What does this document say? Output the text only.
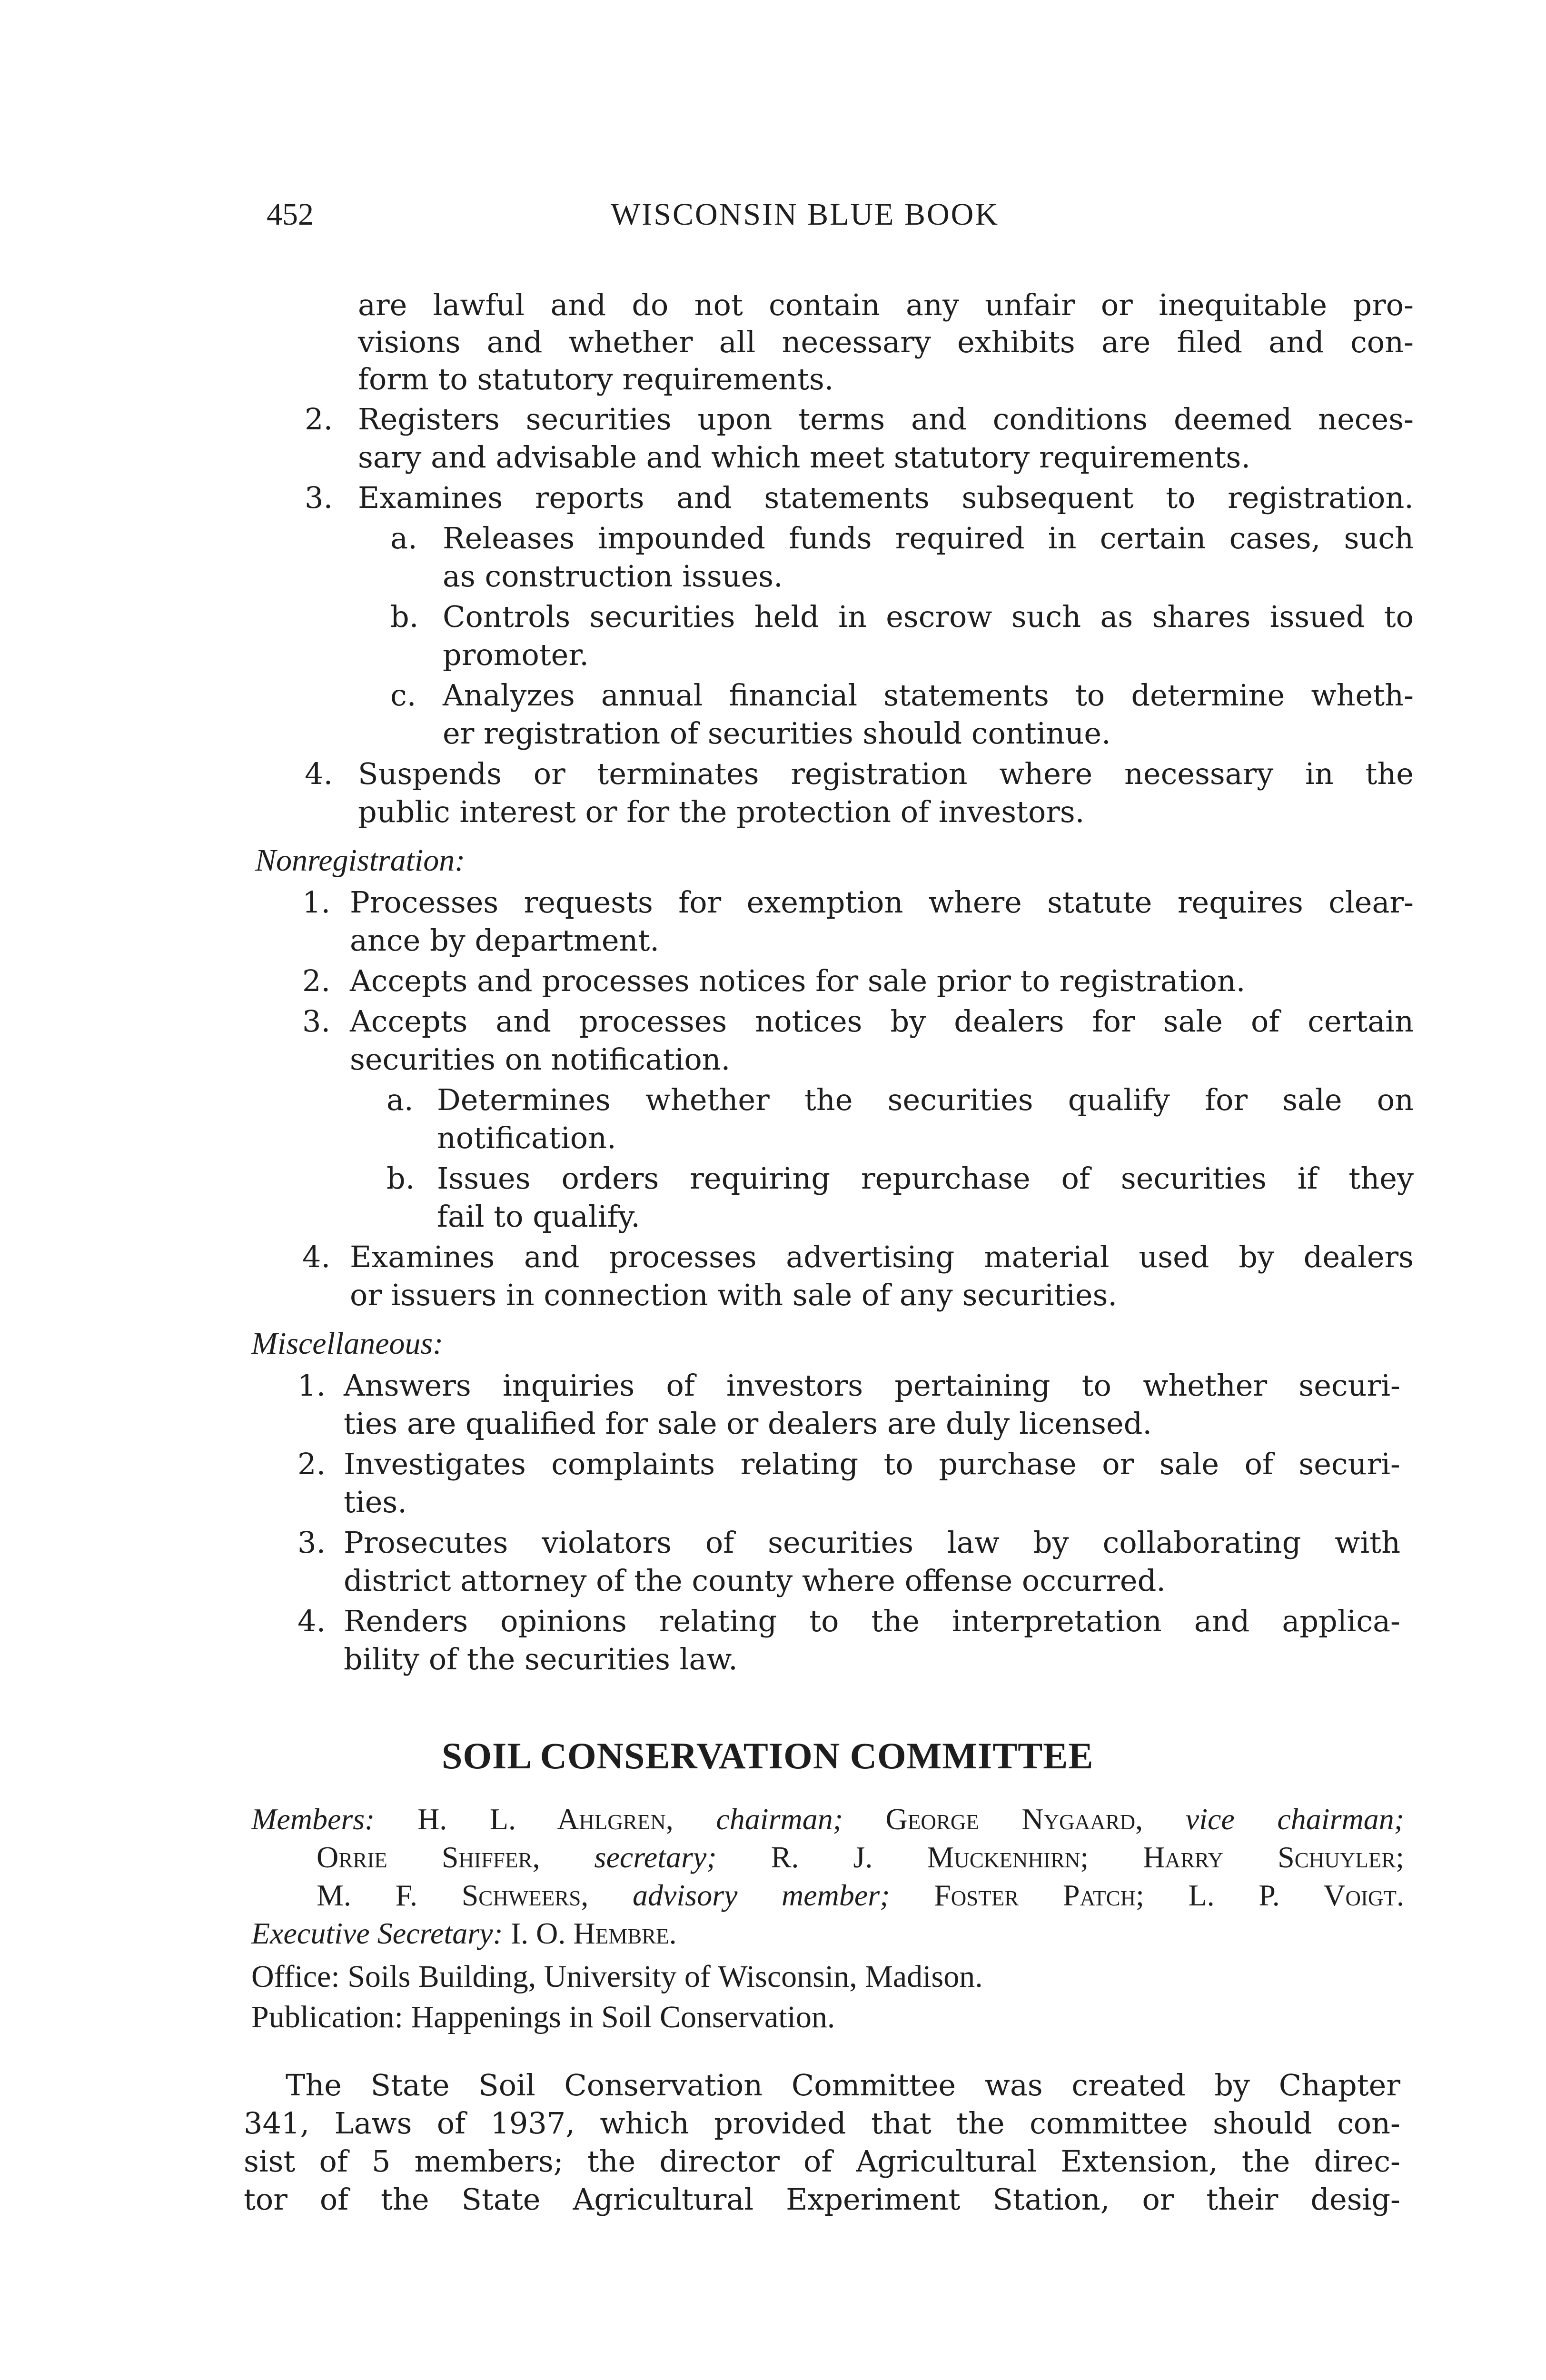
452	WISCONSIN BLUE BOOK
are lawful and do not contain any unfair or inequitable pro-
visions and whether all necessary exhibits are filed and con-
form to statutory requirements.
2. Registers securities upon terms and conditions deemed neces-
sary and advisable and which meet statutory requirements.
3. Examines reports and statements subsequent to registration.
a. Releases impounded funds required in certain cases, such
as construction issues.
b. Controls securities held in escrow such as shares issued to
promoter.
c. Analyzes annual financial statements to determine wheth-
er registration of securities should continue.
4. Suspends or terminates registration where necessary in the
public interest or for the protection of investors.
Nonregistration:
1. Processes requests for exemption where statute requires clear-
ance by department.
2. Accepts and processes notices for sale prior to registration.
3. Accepts and processes notices by dealers for sale of certain
securities on notification.
a. Determines whether the securities qualify for sale on
notification.
b. Issues orders requiring repurchase of securities if they
fail to qualify.
4. Examines and processes advertising material used by dealers
or issuers in connection with sale of any securities.
Miscellaneous:
1. Answers inquiries of investors pertaining to whether securi-
ties are qualified for sale or dealers are duly licensed.
2. Investigates complaints relating to purchase or sale of securi-
ties.
3. Prosecutes violators of securities law by collaborating with
district attorney of the county where offense occurred.
4. Renders opinions relating to the interpretation and applica-
bility of the securities law.
SOIL CONSERVATION COMMITTEE
Members: H. L. Ahlgren, chairman; George Nygaard, vice chairman;
Orrie Shiffer, secretary; R. J. Muckenhirn; Harry Schuyler;
M. F. Schweers, advisory member; Foster Patch; L. P. Voigt.
Executive Secretary: I. O. Hembre.
Office: Soils Building, University of Wisconsin, Madison.
Publication: Happenings in Soil Conservation.
The State Soil Conservation Committee was created by Chapter
341, Laws of 1937, which provided that the committee should con-
sist of 5 members; the director of Agricultural Extension, the direc-
tor of the State Agricultural Experiment Station, or their desig-
